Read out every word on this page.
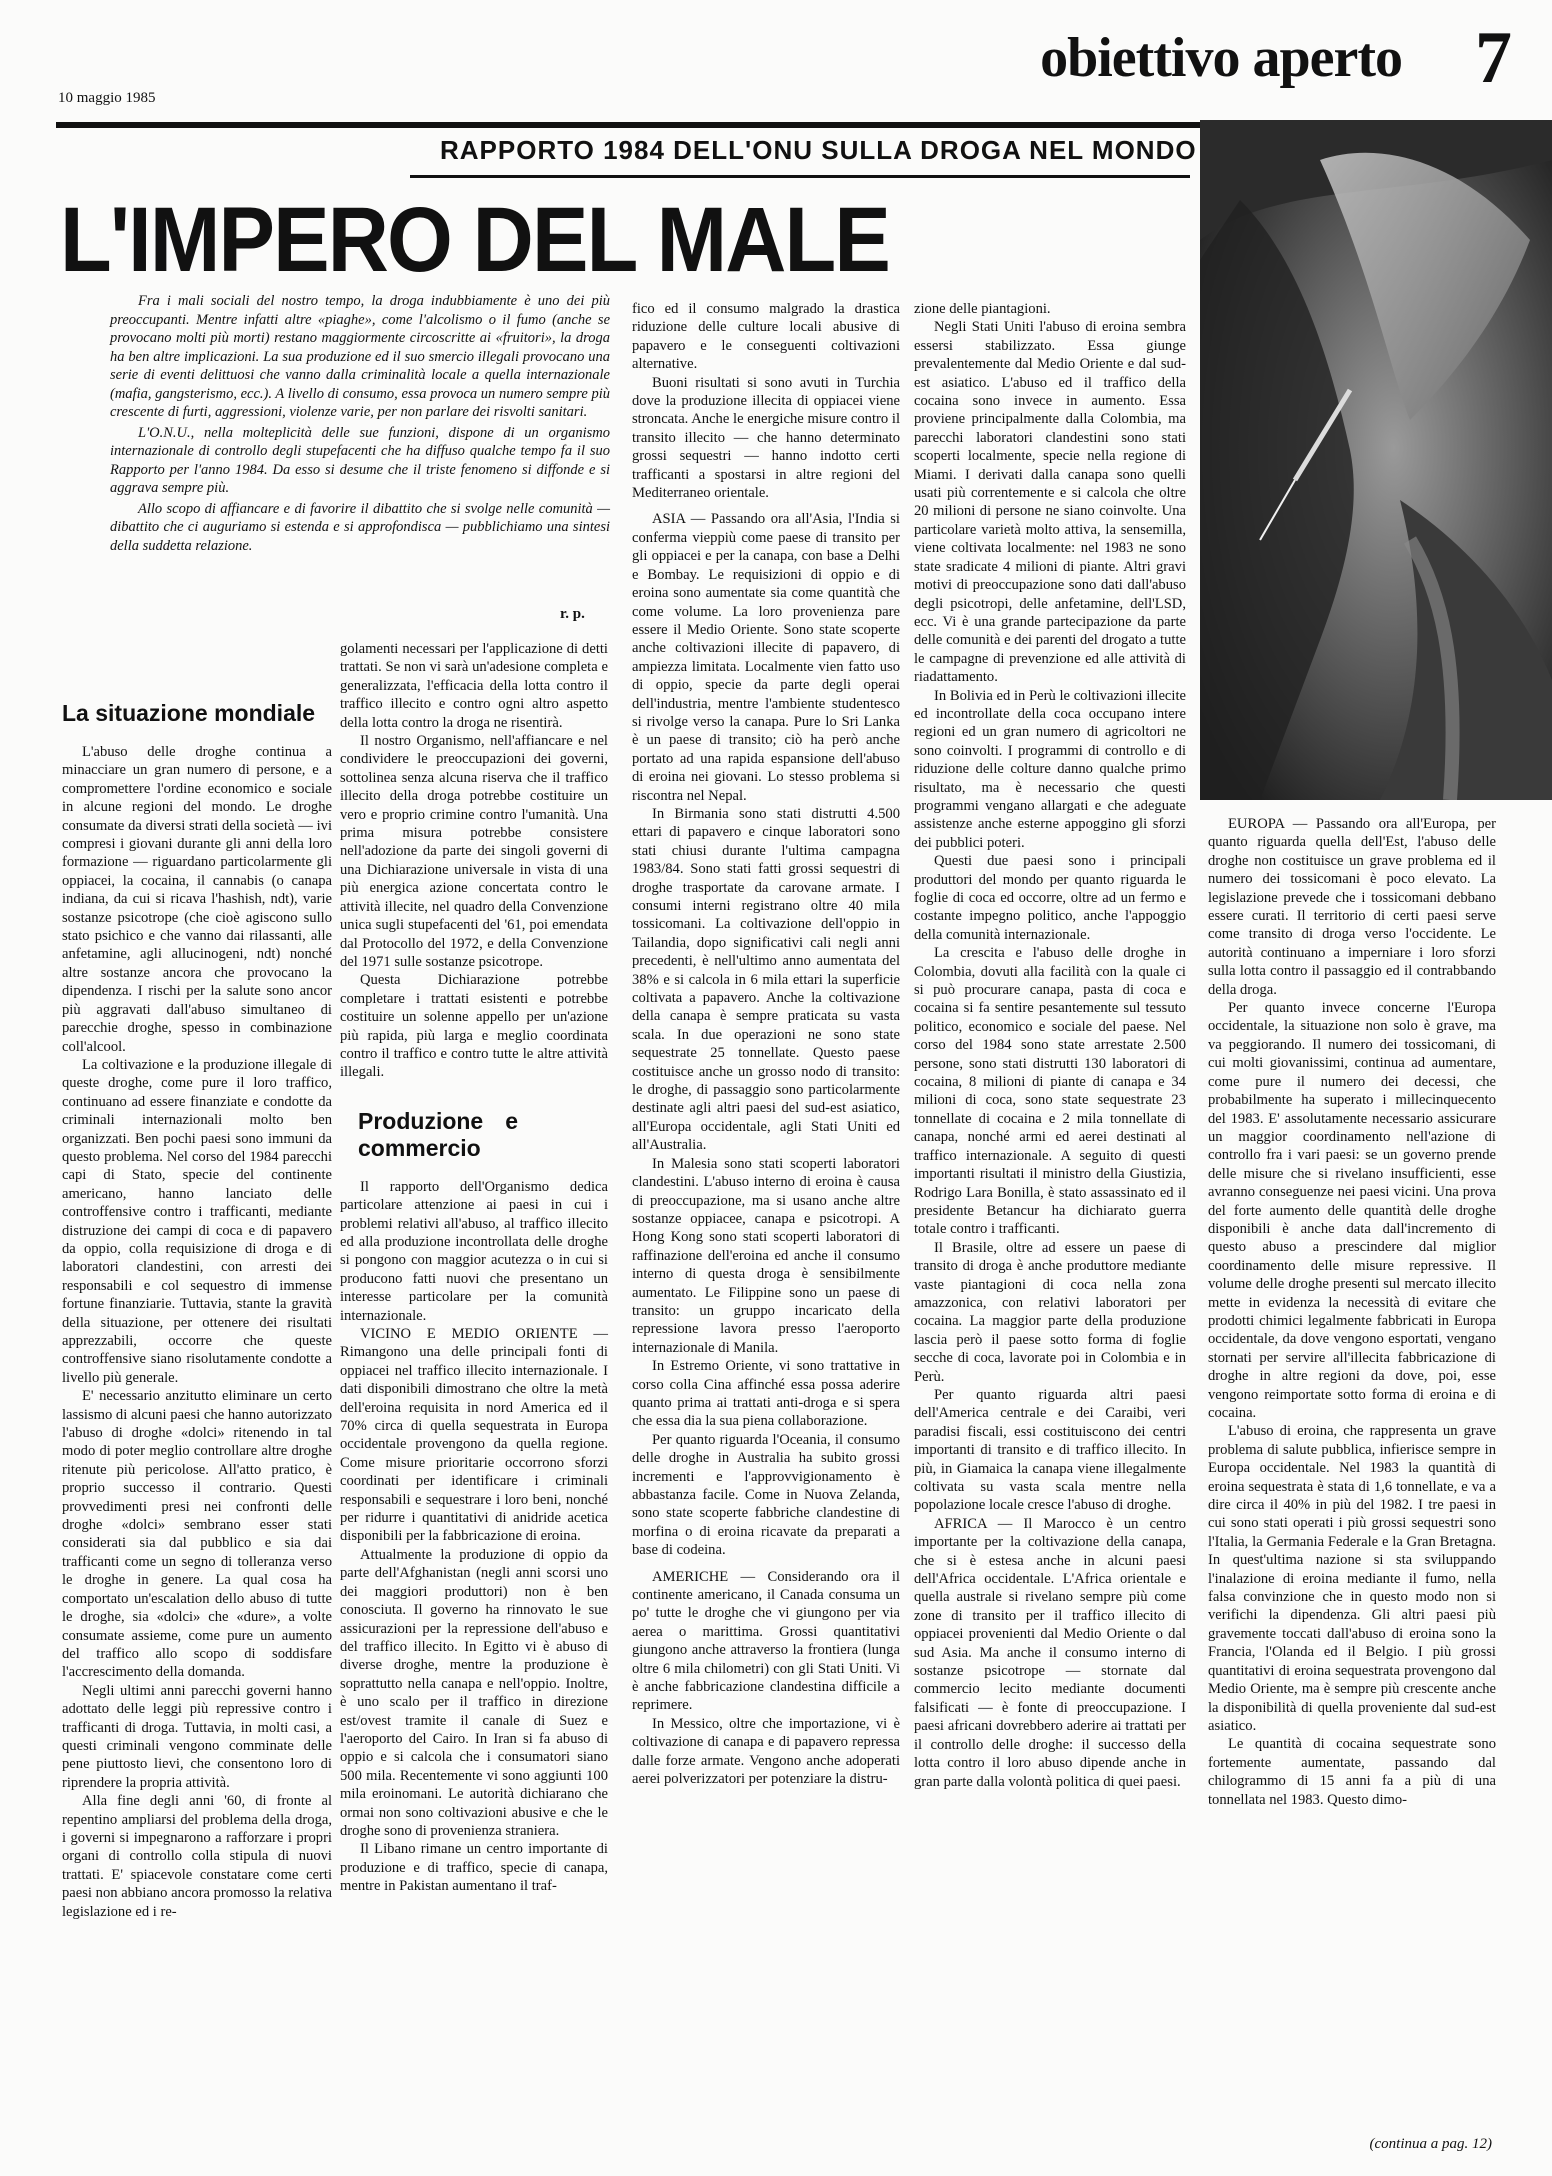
10 maggio 1985
obiettivo aperto 7
RAPPORTO 1984 DELL'ONU SULLA DROGA NEL MONDO
L'IMPERO DEL MALE

Fra i mali sociali del nostro tempo, la droga indubbiamente è uno dei più preoccupanti. Mentre infatti altre «piaghe», come l'alcolismo o il fumo (anche se provocano molti più morti) restano maggiormente circoscritte ai «fruitori», la droga ha ben altre implicazioni. La sua produzione ed il suo smercio illegali provocano una serie di eventi delittuosi che vanno dalla criminalità locale a quella internazionale (mafia, gangsterismo, ecc.). A livello di consumo, essa provoca un numero sempre più crescente di furti, aggressioni, violenze varie, per non parlare dei risvolti sanitari.

L'O.N.U., nella molteplicità delle sue funzioni, dispone di un organismo internazionale di controllo degli stupefacenti che ha diffuso qualche tempo fa il suo Rapporto per l'anno 1984. Da esso si desume che il triste fenomeno si diffonde e si aggrava sempre più.

Allo scopo di affiancare e di favorire il dibattito che si svolge nelle comunità — dibattito che ci auguriamo si estenda e si approfondisca — pubblichiamo una sintesi della suddetta relazione.

r. p.
La situazione mondiale

L'abuso delle droghe continua a minacciare un gran numero di persone, e a compromettere l'ordine economico e sociale in alcune regioni del mondo. Le droghe consumate da diversi strati della società — ivi compresi i giovani durante gli anni della loro formazione — riguardano particolarmente gli oppiacei, la cocaina, il cannabis (o canapa indiana, da cui si ricava l'hashish, ndt), varie sostanze psicotrope (che cioè agiscono sullo stato psichico e che vanno dai rilassanti, alle anfetamine, agli allucinogeni, ndt) nonché altre sostanze ancora che provocano la dipendenza. I rischi per la salute sono ancor più aggravati dall'abuso simultaneo di parecchie droghe, spesso in combinazione coll'alcool.

La coltivazione e la produzione illegale di queste droghe, come pure il loro traffico, continuano ad essere finanziate e condotte da criminali internazionali molto ben organizzati. Ben pochi paesi sono immuni da questo problema. Nel corso del 1984 parecchi capi di Stato, specie del continente americano, hanno lanciato delle controffensive contro i trafficanti, mediante distruzione dei campi di coca e di papavero da oppio, colla requisizione di droga e di laboratori clandestini, con arresti dei responsabili e col sequestro di immense fortune finanziarie. Tuttavia, stante la gravità della situazione, per ottenere dei risultati apprezzabili, occorre che queste controffensive siano risolutamente condotte a livello più generale.

E' necessario anzitutto eliminare un certo lassismo di alcuni paesi che hanno autorizzato l'abuso di droghe «dolci» ritenendo in tal modo di poter meglio controllare altre droghe ritenute più pericolose. All'atto pratico, è proprio successo il contrario. Questi provvedimenti presi nei confronti delle droghe «dolci» sembrano esser stati considerati sia dal pubblico e sia dai trafficanti come un segno di tolleranza verso le droghe in genere. La qual cosa ha comportato un'escalation dello abuso di tutte le droghe, sia «dolci» che «dure», a volte consumate assieme, come pure un aumento del traffico allo scopo di soddisfare l'accrescimento della domanda.

Negli ultimi anni parecchi governi hanno adottato delle leggi più repressive contro i trafficanti di droga. Tuttavia, in molti casi, a questi criminali vengono comminate delle pene piuttosto lievi, che consentono loro di riprendere la propria attività.

Alla fine degli anni '60, di fronte al repentino ampliarsi del problema della droga, i governi si impegnarono a rafforzare i propri organi di controllo colla stipula di nuovi trattati. E' spiacevole constatare come certi paesi non abbiano ancora promosso la relativa legislazione ed i re-

golamenti necessari per l'applicazione di detti trattati. Se non vi sarà un'adesione completa e generalizzata, l'efficacia della lotta contro il traffico illecito e contro ogni altro aspetto della lotta contro la droga ne risentirà.

Il nostro Organismo, nell'affiancare e nel condividere le preoccupazioni dei governi, sottolinea senza alcuna riserva che il traffico illecito della droga potrebbe costituire un vero e proprio crimine contro l'umanità. Una prima misura potrebbe consistere nell'adozione da parte dei singoli governi di una Dichiarazione universale in vista di una più energica azione concertata contro le attività illecite, nel quadro della Convenzione unica sugli stupefacenti del '61, poi emendata dal Protocollo del 1972, e della Convenzione del 1971 sulle sostanze psicotrope.

Questa Dichiarazione potrebbe completare i trattati esistenti e potrebbe costituire un solenne appello per un'azione più rapida, più larga e meglio coordinata contro il traffico e contro tutte le altre attività illegali.

Produzione e commercio

Il rapporto dell'Organismo dedica particolare attenzione ai paesi in cui i problemi relativi all'abuso, al traffico illecito ed alla produzione incontrollata delle droghe si pongono con maggior acutezza o in cui si producono fatti nuovi che presentano un interesse particolare per la comunità internazionale.

VICINO E MEDIO ORIENTE — Rimangono una delle principali fonti di oppiacei nel traffico illecito internazionale. I dati disponibili dimostrano che oltre la metà dell'eroina requisita in nord America ed il 70% circa di quella sequestrata in Europa occidentale provengono da quella regione. Come misure prioritarie occorrono sforzi coordinati per identificare i criminali responsabili e sequestrare i loro beni, nonché per ridurre i quantitativi di anidride acetica disponibili per la fabbricazione di eroina.

Attualmente la produzione di oppio da parte dell'Afghanistan (negli anni scorsi uno dei maggiori produttori) non è ben conosciuta. Il governo ha rinnovato le sue assicurazioni per la repressione dell'abuso e del traffico illecito. In Egitto vi è abuso di diverse droghe, mentre la produzione è soprattutto nella canapa e nell'oppio. Inoltre, è uno scalo per il traffico in direzione est/ovest tramite il canale di Suez e l'aeroporto del Cairo. In Iran si fa abuso di oppio e si calcola che i consumatori siano 500 mila. Recentemente vi sono aggiunti 100 mila eroinomani. Le autorità dichiarano che ormai non sono coltivazioni abusive e che le droghe sono di provenienza straniera.

Il Libano rimane un centro importante di produzione e di traffico, specie di canapa, mentre in Pakistan aumentano il traf-

fico ed il consumo malgrado la drastica riduzione delle culture locali abusive di papavero e le conseguenti coltivazioni alternative.

Buoni risultati si sono avuti in Turchia dove la produzione illecita di oppiacei viene stroncata. Anche le energiche misure contro il transito illecito — che hanno determinato grossi sequestri — hanno indotto certi trafficanti a spostarsi in altre regioni del Mediterraneo orientale.

ASIA — Passando ora all'Asia, l'India si conferma vieppiù come paese di transito per gli oppiacei e per la canapa, con base a Delhi e Bombay. Le requisizioni di oppio e di eroina sono aumentate sia come quantità che come volume. La loro provenienza pare essere il Medio Oriente. Sono state scoperte anche coltivazioni illecite di papavero, di ampiezza limitata. Localmente vien fatto uso di oppio, specie da parte degli operai dell'industria, mentre l'ambiente studentesco si rivolge verso la canapa. Pure lo Sri Lanka è un paese di transito; ciò ha però anche portato ad una rapida espansione dell'abuso di eroina nei giovani. Lo stesso problema si riscontra nel Nepal.

In Birmania sono stati distrutti 4.500 ettari di papavero e cinque laboratori sono stati chiusi durante l'ultima campagna 1983/84. Sono stati fatti grossi sequestri di droghe trasportate da carovane armate. I consumi interni registrano oltre 40 mila tossicomani. La coltivazione dell'oppio in Tailandia, dopo significativi cali negli anni precedenti, è nell'ultimo anno aumentata del 38% e si calcola in 6 mila ettari la superficie coltivata a papavero. Anche la coltivazione della canapa è sempre praticata su vasta scala. In due operazioni ne sono state sequestrate 25 tonnellate. Questo paese costituisce anche un grosso nodo di transito: le droghe, di passaggio sono particolarmente destinate agli altri paesi del sud-est asiatico, all'Europa occidentale, agli Stati Uniti ed all'Australia.

In Malesia sono stati scoperti laboratori clandestini. L'abuso interno di eroina è causa di preoccupazione, ma si usano anche altre sostanze oppiacee, canapa e psicotropi. A Hong Kong sono stati scoperti laboratori di raffinazione dell'eroina ed anche il consumo interno di questa droga è sensibilmente aumentato. Le Filippine sono un paese di transito: un gruppo incaricato della repressione lavora presso l'aeroporto internazionale di Manila.

In Estremo Oriente, vi sono trattative in corso colla Cina affinché essa possa aderire quanto prima ai trattati anti-droga e si spera che essa dia la sua piena collaborazione.

Per quanto riguarda l'Oceania, il consumo delle droghe in Australia ha subito grossi incrementi e l'approvvigionamento è abbastanza facile. Come in Nuova Zelanda, sono state scoperte fabbriche clandestine di morfina o di eroina ricavate da preparati a base di codeina.

AMERICHE — Considerando ora il continente americano, il Canada consuma un po' tutte le droghe che vi giungono per via aerea o marittima. Grossi quantitativi giungono anche attraverso la frontiera (lunga oltre 6 mila chilometri) con gli Stati Uniti. Vi è anche fabbricazione clandestina difficile a reprimere.

In Messico, oltre che importazione, vi è coltivazione di canapa e di papavero repressa dalle forze armate. Vengono anche adoperati aerei polverizzatori per potenziare la distru-

zione delle piantagioni.

Negli Stati Uniti l'abuso di eroina sembra essersi stabilizzato. Essa giunge prevalentemente dal Medio Oriente e dal sud-est asiatico. L'abuso ed il traffico della cocaina sono invece in aumento. Essa proviene principalmente dalla Colombia, ma parecchi laboratori clandestini sono stati scoperti localmente, specie nella regione di Miami. I derivati dalla canapa sono quelli usati più correntemente e si calcola che oltre 20 milioni di persone ne siano coinvolte. Una particolare varietà molto attiva, la sensemilla, viene coltivata localmente: nel 1983 ne sono state sradicate 4 milioni di piante. Altri gravi motivi di preoccupazione sono dati dall'abuso degli psicotropi, delle anfetamine, dell'LSD, ecc. Vi è una grande partecipazione da parte delle comunità e dei parenti del drogato a tutte le campagne di prevenzione ed alle attività di riadattamento.

In Bolivia ed in Perù le coltivazioni illecite ed incontrollate della coca occupano intere regioni ed un gran numero di agricoltori ne sono coinvolti. I programmi di controllo e di riduzione delle colture danno qualche primo risultato, ma è necessario che questi programmi vengano allargati e che adeguate assistenze anche esterne appoggino gli sforzi dei pubblici poteri.

Questi due paesi sono i principali produttori del mondo per quanto riguarda le foglie di coca ed occorre, oltre ad un fermo e costante impegno politico, anche l'appoggio della comunità internazionale.

La crescita e l'abuso delle droghe in Colombia, dovuti alla facilità con la quale ci si può procurare canapa, pasta di coca e cocaina si fa sentire pesantemente sul tessuto politico, economico e sociale del paese. Nel corso del 1984 sono state arrestate 2.500 persone, sono stati distrutti 130 laboratori di cocaina, 8 milioni di piante di canapa e 34 milioni di coca, sono state sequestrate 23 tonnellate di cocaina e 2 mila tonnellate di canapa, nonché armi ed aerei destinati al traffico internazionale. A seguito di questi importanti risultati il ministro della Giustizia, Rodrigo Lara Bonilla, è stato assassinato ed il presidente Betancur ha dichiarato guerra totale contro i trafficanti.

Il Brasile, oltre ad essere un paese di transito di droga è anche produttore mediante vaste piantagioni di coca nella zona amazzonica, con relativi laboratori per cocaina. La maggior parte della produzione lascia però il paese sotto forma di foglie secche di coca, lavorate poi in Colombia e in Perù.

Per quanto riguarda altri paesi dell'America centrale e dei Caraibi, veri paradisi fiscali, essi costituiscono dei centri importanti di transito e di traffico illecito. In più, in Giamaica la canapa viene illegalmente coltivata su vasta scala mentre nella popolazione locale cresce l'abuso di droghe.

AFRICA — Il Marocco è un centro importante per la coltivazione della canapa, che si è estesa anche in alcuni paesi dell'Africa occidentale. L'Africa orientale e quella australe si rivelano sempre più come zone di transito per il traffico illecito di oppiacei provenienti dal Medio Oriente o dal sud Asia. Ma anche il consumo interno di sostanze psicotrope — stornate dal commercio lecito mediante documenti falsificati — è fonte di preoccupazione. I paesi africani dovrebbero aderire ai trattati per il controllo delle droghe: il successo della lotta contro il loro abuso dipende anche in gran parte dalla volontà politica di quei paesi.

EUROPA — Passando ora all'Europa, per quanto riguarda quella dell'Est, l'abuso delle droghe non costituisce un grave problema ed il numero dei tossicomani è poco elevato. La legislazione prevede che i tossicomani debbano essere curati. Il territorio di certi paesi serve come transito di droga verso l'occidente. Le autorità continuano a imperniare i loro sforzi sulla lotta contro il passaggio ed il contrabbando della droga.

Per quanto invece concerne l'Europa occidentale, la situazione non solo è grave, ma va peggiorando. Il numero dei tossicomani, di cui molti giovanissimi, continua ad aumentare, come pure il numero dei decessi, che probabilmente ha superato i millecinquecento del 1983. E' assolutamente necessario assicurare un maggior coordinamento nell'azione di controllo fra i vari paesi: se un governo prende delle misure che si rivelano insufficienti, esse avranno conseguenze nei paesi vicini. Una prova del forte aumento delle quantità delle droghe disponibili è anche data dall'incremento di questo abuso a prescindere dal miglior coordinamento delle misure repressive. Il volume delle droghe presenti sul mercato illecito mette in evidenza la necessità di evitare che prodotti chimici legalmente fabbricati in Europa occidentale, da dove vengono esportati, vengano stornati per servire all'illecita fabbricazione di droghe in altre regioni da dove, poi, esse vengono reimportate sotto forma di eroina e di cocaina.

L'abuso di eroina, che rappresenta un grave problema di salute pubblica, infierisce sempre in Europa occidentale. Nel 1983 la quantità di eroina sequestrata è stata di 1,6 tonnellate, e va a dire circa il 40% in più del 1982. I tre paesi in cui sono stati operati i più grossi sequestri sono l'Italia, la Germania Federale e la Gran Bretagna. In quest'ultima nazione si sta sviluppando l'inalazione di eroina mediante il fumo, nella falsa convinzione che in questo modo non si verifichi la dipendenza. Gli altri paesi più gravemente toccati dall'abuso di eroina sono la Francia, l'Olanda ed il Belgio. I più grossi quantitativi di eroina sequestrata provengono dal Medio Oriente, ma è sempre più crescente anche la disponibilità di quella proveniente dal sud-est asiatico.

Le quantità di cocaina sequestrate sono fortemente aumentate, passando dal chilogrammo di 15 anni fa a più di una tonnellata nel 1983. Questo dimo-

(continua a pag. 12)
